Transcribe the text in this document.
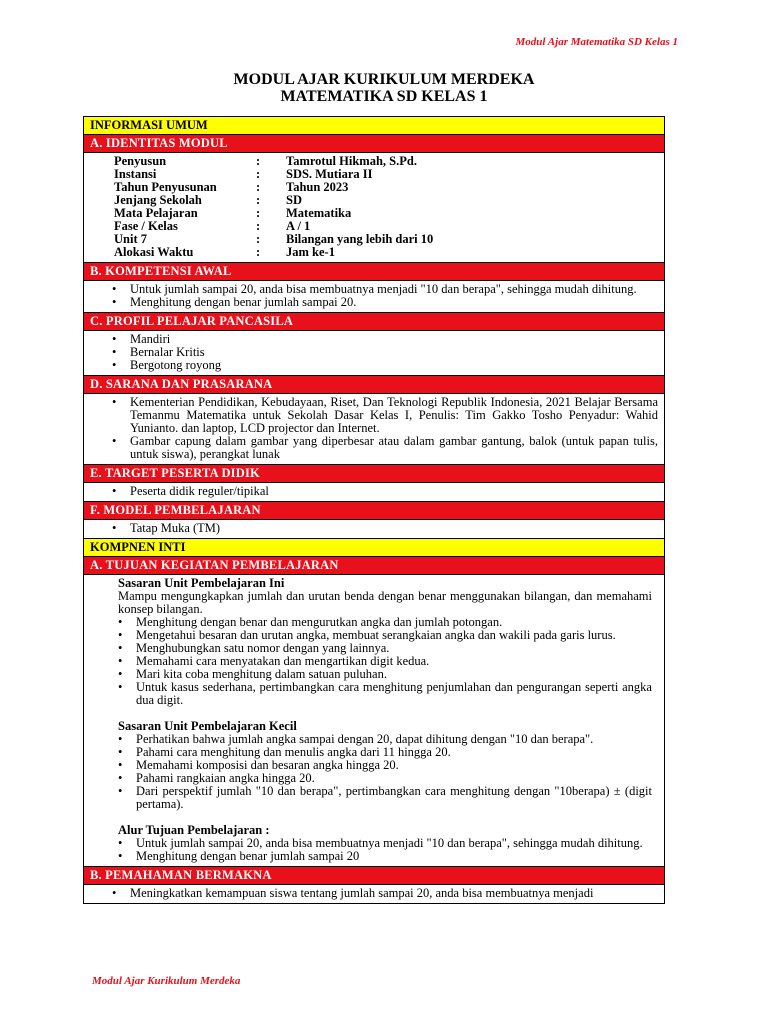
Modul Ajar Matematika SD Kelas 1
MODUL AJAR KURIKULUM MERDEKA
MATEMATIKA SD KELAS 1
INFORMASI UMUM
A. IDENTITAS MODUL
Penyusun	:	Tamrotul Hikmah, S.Pd.
Instansi	:	SDS. Mutiara II
Tahun Penyusunan	:	Tahun 2023
Jenjang Sekolah	:	SD
Mata Pelajaran	:	Matematika
Fase / Kelas	:	A / 1
Unit 7	:	Bilangan yang lebih dari 10
Alokasi Waktu	:	Jam ke-1
B. KOMPETENSI AWAL
• Untuk jumlah sampai 20, anda bisa membuatnya menjadi "10 dan berapa", sehingga mudah dihitung.
• Menghitung dengan benar jumlah sampai 20.
C. PROFIL PELAJAR PANCASILA
• Mandiri
• Bernalar Kritis
• Bergotong royong
D. SARANA DAN PRASARANA
• Kementerian Pendidikan, Kebudayaan, Riset, Dan Teknologi Republik Indonesia, 2021 Belajar Bersama Temanmu Matematika untuk Sekolah Dasar Kelas I, Penulis: Tim Gakko Tosho Penyadur: Wahid Yunianto. dan laptop, LCD projector dan Internet.
• Gambar capung dalam gambar yang diperbesar atau dalam gambar gantung, balok (untuk papan tulis, untuk siswa), perangkat lunak
E. TARGET PESERTA DIDIK
• Peserta didik reguler/tipikal
F. MODEL PEMBELAJARAN
• Tatap Muka (TM)
KOMPNEN INTI
A. TUJUAN KEGIATAN PEMBELAJARAN
Sasaran Unit Pembelajaran Ini
Mampu mengungkapkan jumlah dan urutan benda dengan benar menggunakan bilangan, dan memahami konsep bilangan.
• Menghitung dengan benar dan mengurutkan angka dan jumlah potongan.
• Mengetahui besaran dan urutan angka, membuat serangkaian angka dan wakili pada garis lurus.
• Menghubungkan satu nomor dengan yang lainnya.
• Memahami cara menyatakan dan mengartikan digit kedua.
• Mari kita coba menghitung dalam satuan puluhan.
• Untuk kasus sederhana, pertimbangkan cara menghitung penjumlahan dan pengurangan seperti angka dua digit.
Sasaran Unit Pembelajaran Kecil
• Perhatikan bahwa jumlah angka sampai dengan 20, dapat dihitung dengan "10 dan berapa".
• Pahami cara menghitung dan menulis angka dari 11 hingga 20.
• Memahami komposisi dan besaran angka hingga 20.
• Pahami rangkaian angka hingga 20.
• Dari perspektif jumlah "10 dan berapa", pertimbangkan cara menghitung dengan "10berapa) ± (digit pertama).
Alur Tujuan Pembelajaran :
• Untuk jumlah sampai 20, anda bisa membuatnya menjadi "10 dan berapa", sehingga mudah dihitung.
• Menghitung dengan benar jumlah sampai 20
B. PEMAHAMAN BERMAKNA
• Meningkatkan kemampuan siswa tentang jumlah sampai 20, anda bisa membuatnya menjadi
Modul Ajar Kurikulum Merdeka
